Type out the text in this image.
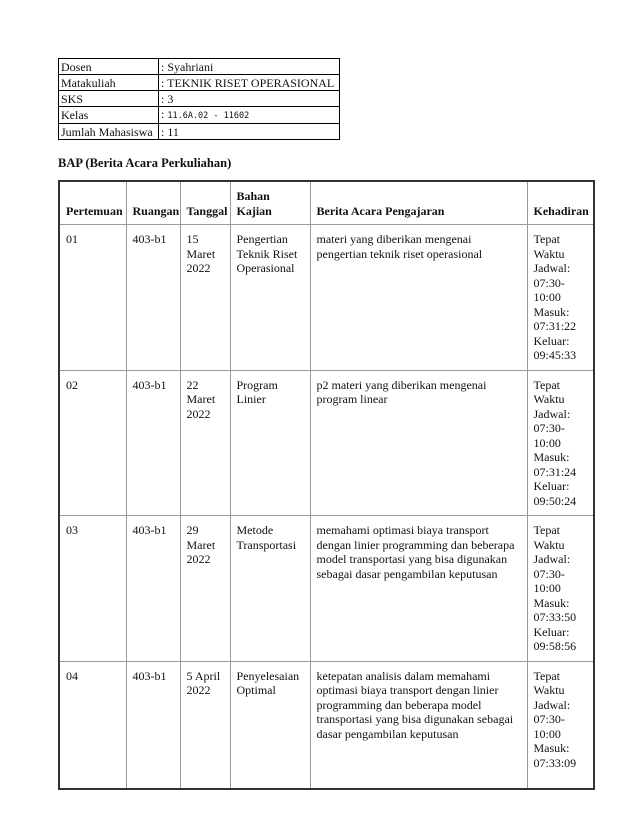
Dosen	: Syahriani
Matakuliah	: TEKNIK RISET OPERASIONAL
SKS	: 3
Kelas	: 11.6A.02 - 11602
Jumlah Mahasiswa	: 11
BAP (Berita Acara Perkuliahan)
Pertemuan	Ruangan	Tanggal	Bahan Kajian	Berita Acara Pengajaran	Kehadiran
01	403-b1	15 Maret 2022	Pengertian Teknik Riset Operasional	materi yang diberikan mengenai pengertian teknik riset operasional	Tepat Waktu
Jadwal: 07:30-10:00
Masuk: 07:31:22
Keluar: 09:45:33

02	403-b1	22 Maret 2022	Program Linier	p2 materi yang diberikan mengenai program linear	Tepat Waktu
Jadwal: 07:30-10:00
Masuk: 07:31:24
Keluar: 09:50:24

03	403-b1	29 Maret 2022	Metode Transportasi	memahami optimasi biaya transport dengan linier programming dan beberapa model transportasi yang bisa digunakan sebagai dasar pengambilan keputusan	Tepat Waktu
Jadwal: 07:30-10:00
Masuk: 07:33:50
Keluar: 09:58:56

04	403-b1	5 April 2022	Penyelesaian Optimal	ketepatan analisis dalam memahami optimasi biaya transport dengan linier programming dan beberapa model transportasi yang bisa digunakan sebagai dasar pengambilan keputusan	Tepat Waktu
Jadwal: 07:30-10:00
Masuk: 07:33:09
